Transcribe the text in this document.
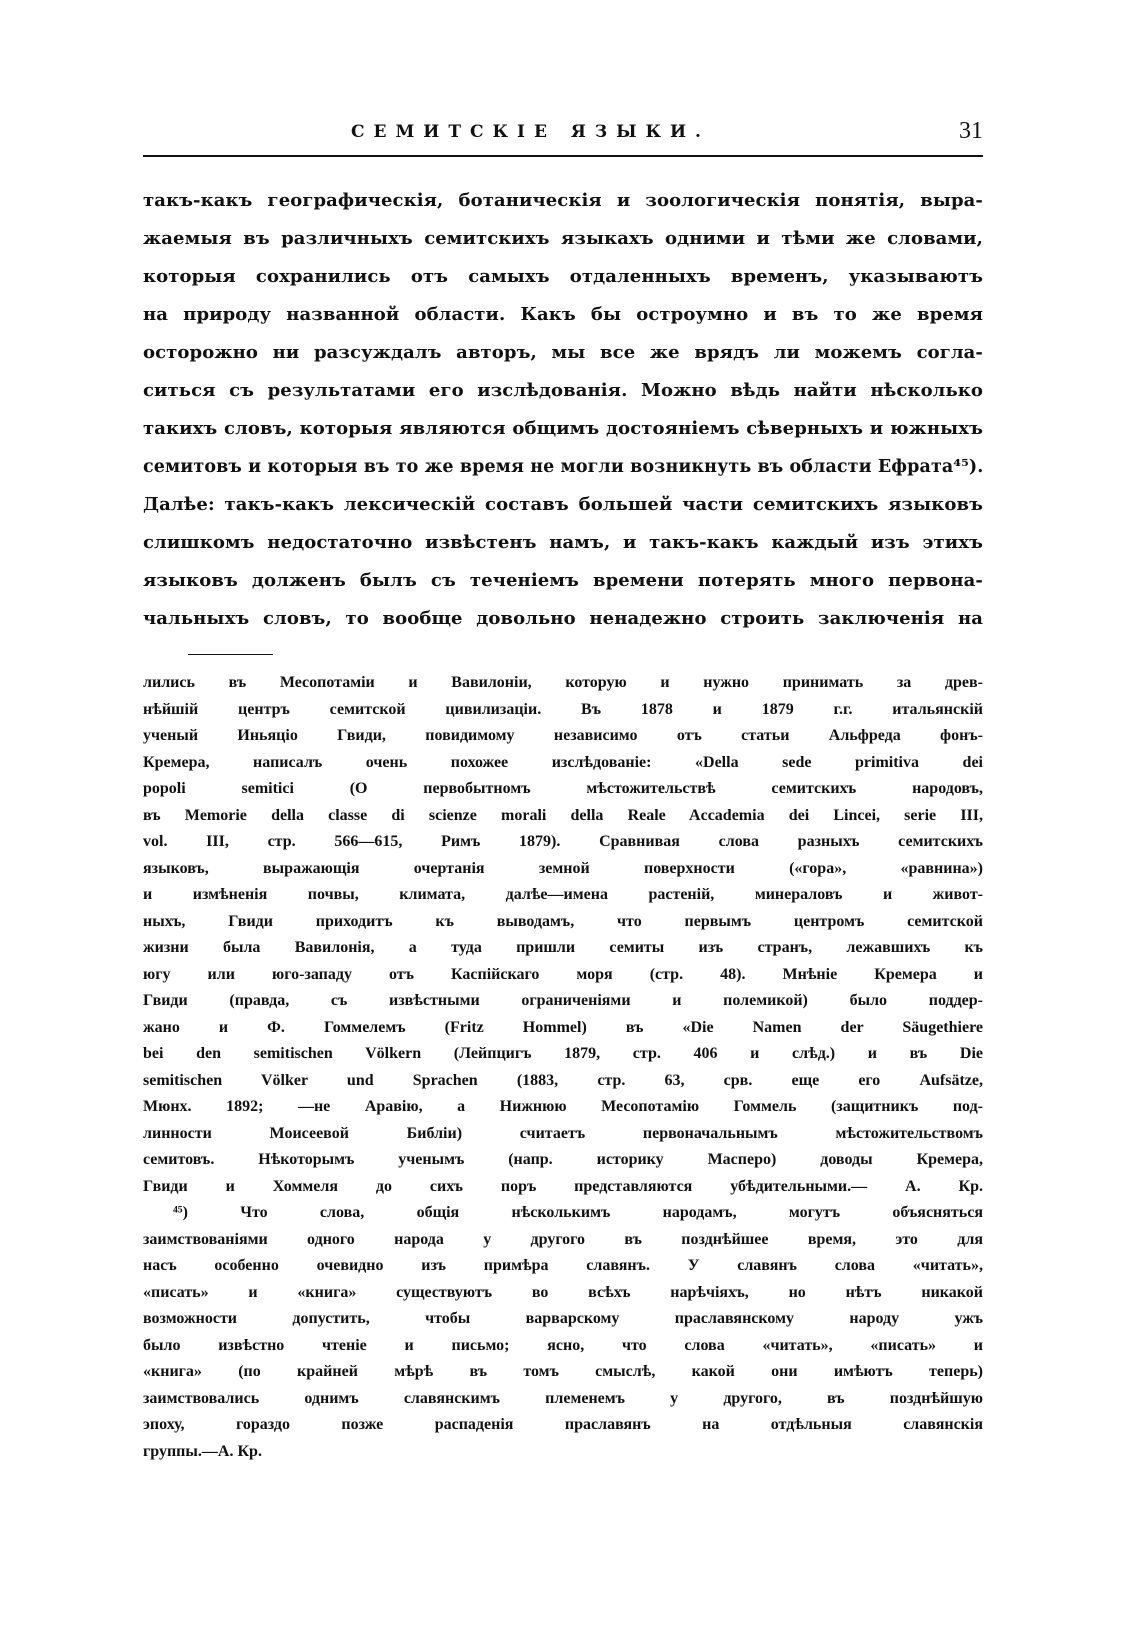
СЕМИТСКІЕ ЯЗЫКИ.	31
такъ-какъ географическія, ботаническія и зоологическія понятія, выра-
жаемыя въ различныхъ семитскихъ языкахъ одними и тѣми же словами,
которыя сохранились отъ самыхъ отдаленныхъ временъ, указываютъ
на природу названной области. Какъ бы остроумно и въ то же время
осторожно ни разсуждалъ авторъ, мы все же врядъ ли можемъ согла-
ситься съ результатами его изслѣдованія. Можно вѣдь найти нѣсколько
такихъ словъ, которыя являются общимъ достояніемъ сѣверныхъ и южныхъ
семитовъ и которыя въ то же время не могли возникнуть въ области Ефрата⁴⁵).
Далѣе: такъ-какъ лексическій составъ большей части семитскихъ языковъ
слишкомъ недостаточно извѣстенъ намъ, и такъ-какъ каждый изъ этихъ
языковъ долженъ былъ съ теченіемъ времени потерять много первона-
чальныхъ словъ, то вообще довольно ненадежно строить заключенія на
лились въ Месопотаміи и Вавилоніи, которую и нужно принимать за древ-
нѣйшій центръ семитской цивилизаціи. Въ 1878 и 1879 г.г. итальянскій
ученый Иньяціо Гвиди, повидимому независимо отъ статьи Альфреда фонъ-
Кремера, написалъ очень похожее изслѣдованіе: «Della sede primitiva dei
popoli semitici (О первобытномъ мѣстожительствѣ семитскихъ народовъ,
въ Memorie della classe di scienze morali della Reale Accademia dei Lincei, serie III,
vol. III, стр. 566—615, Римъ 1879). Сравнивая слова разныхъ семитскихъ
языковъ, выражающія очертанія земной поверхности («гора», «равнина»)
и измѣненія почвы, климата, далѣе—имена растеній, минераловъ и живот-
ныхъ, Гвиди приходитъ къ выводамъ, что первымъ центромъ семитской
жизни была Вавилонія, а туда пришли семиты изъ странъ, лежавшихъ къ
югу или юго-западу отъ Каспійскаго моря (стр. 48). Мнѣніе Кремера и
Гвиди (правда, съ извѣстными ограниченіями и полемикой) было поддер-
жано и Ф. Гоммелемъ (Fritz Hommel) въ «Die Namen der Säugethiere
bei den semitischen Völkern (Лейпцигъ 1879, стр. 406 и слѣд.) и въ Die
semitischen Völker und Sprachen (1883, стр. 63, срв. еще его Aufsätze,
Мюнх. 1892; —не Аравію, а Нижнюю Месопотамію Гоммель (защитникъ под-
линности Моисеевой Библіи) считаетъ первоначальнымъ мѣстожительствомъ
семитовъ. Нѣкоторымъ ученымъ (напр. историку Масперо) доводы Кремера,
Гвиди и Хоммеля до сихъ поръ представляются убѣдительными.— А. Кр.
⁴⁵) Что слова, общія нѣсколькимъ народамъ, могутъ объясняться
заимствованіями одного народа у другого въ позднѣйшее время, это для
насъ особенно очевидно изъ примѣра славянъ. У славянъ слова «читать»,
«писать» и «книга» существуютъ во всѣхъ нарѣчіяхъ, но нѣтъ никакой
возможности допустить, чтобы варварскому праславянскому народу ужъ
было извѣстно чтеніе и письмо; ясно, что слова «читать», «писать» и
«книга» (по крайней мѣрѣ въ томъ смыслѣ, какой они имѣютъ теперь)
заимствовались однимъ славянскимъ племенемъ у другого, въ позднѣйшую
эпоху, гораздо позже распаденія праславянъ на отдѣльныя славянскія
группы.—А. Кр.
